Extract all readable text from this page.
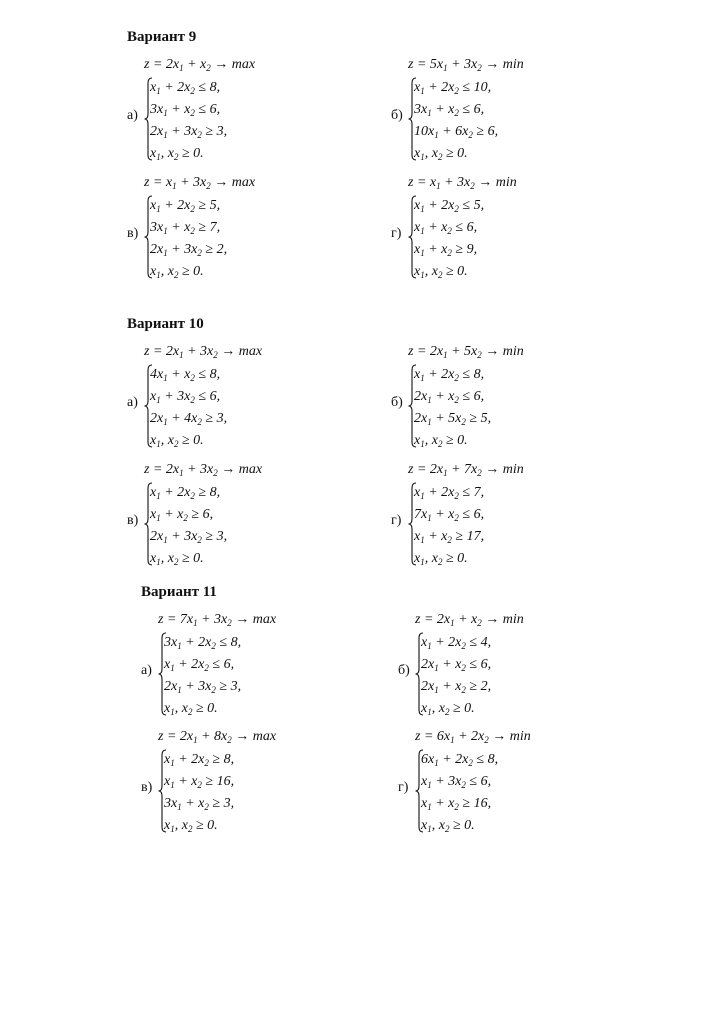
Вариант 9
$z = 2x_1 + x_2 \to \max$
а)
$x_1 + 2x_2 \le 8$,
$3x_1 + x_2 \le 6$,
$2x_1 + 3x_2 \ge 3$,
$x_1$, $x_2 \ge 0$.
$z = 5x_1 + 3x_2 \to \min$
б)
$x_1 + 2x_2 \le 10$,
$3x_1 + x_2 \le 6$,
$10x_1 + 6x_2 \ge 6$,
$x_1$, $x_2 \ge 0$.
$z = x_1 + 3x_2 \to \max$
в)
$x_1 + 2x_2 \ge 5$,
$3x_1 + x_2 \ge 7$,
$2x_1 + 3x_2 \ge 2$,
$x_1$, $x_2 \ge 0$.
$z = x_1 + 3x_2 \to \min$
г)
$x_1 + 2x_2 \le 5$,
$x_1 + x_2 \le 6$,
$x_1 + x_2 \ge 9$,
$x_1$, $x_2 \ge 0$.
Вариант 10
$z = 2x_1 + 3x_2 \to \max$
а)
$4x_1 + x_2 \le 8$,
$x_1 + 3x_2 \le 6$,
$2x_1 + 4x_2 \ge 3$,
$x_1$, $x_2 \ge 0$.
$z = 2x_1 + 5x_2 \to \min$
б)
$x_1 + 2x_2 \le 8$,
$2x_1 + x_2 \le 6$,
$2x_1 + 5x_2 \ge 5$,
$x_1$, $x_2 \ge 0$.
$z = 2x_1 + 3x_2 \to \max$
в)
$x_1 + 2x_2 \ge 8$,
$x_1 + x_2 \ge 6$,
$2x_1 + 3x_2 \ge 3$,
$x_1$, $x_2 \ge 0$.
$z = 2x_1 + 7x_2 \to \min$
г)
$x_1 + 2x_2 \le 7$,
$7x_1 + x_2 \le 6$,
$x_1 + x_2 \ge 17$,
$x_1$, $x_2 \ge 0$.
Вариант 11
$z = 7x_1 + 3x_2 \to \max$
а)
$3x_1 + 2x_2 \le 8$,
$x_1 + 2x_2 \le 6$,
$2x_1 + 3x_2 \ge 3$,
$x_1$, $x_2 \ge 0$.
$z = 2x_1 + x_2 \to \min$
б)
$x_1 + 2x_2 \le 4$,
$2x_1 + x_2 \le 6$,
$2x_1 + x_2 \ge 2$,
$x_1$, $x_2 \ge 0$.
$z = 2x_1 + 8x_2 \to \max$
в)
$x_1 + 2x_2 \ge 8$,
$x_1 + x_2 \ge 16$,
$3x_1 + x_2 \ge 3$,
$x_1$, $x_2 \ge 0$.
$z = 6x_1 + 2x_2 \to \min$
г)
$6x_1 + 2x_2 \le 8$,
$x_1 + 3x_2 \le 6$,
$x_1 + x_2 \ge 16$,
$x_1$, $x_2 \ge 0$.
